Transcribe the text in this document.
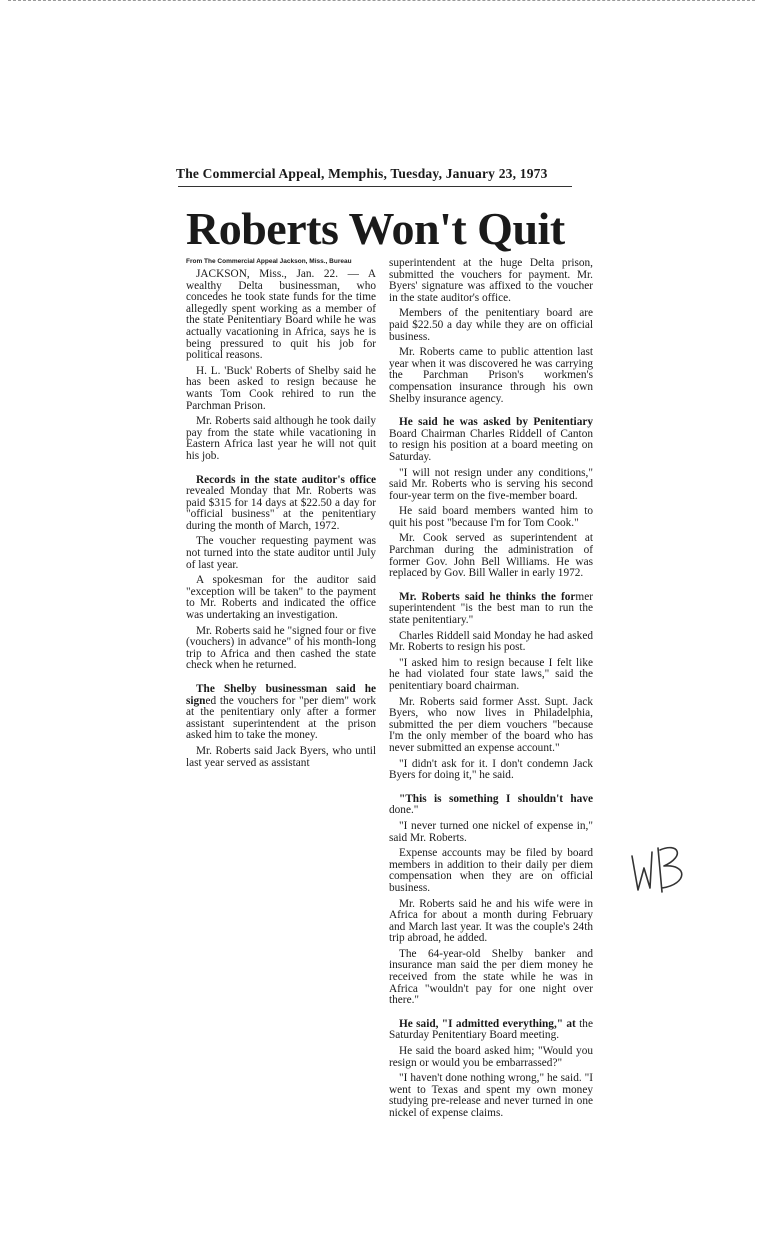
The Commercial Appeal, Memphis, Tuesday, January 23, 1973
Roberts Won't Quit
From The Commercial Appeal Jackson, Miss., Bureau

JACKSON, Miss., Jan. 22. — A wealthy Delta businessman, who concedes he took state funds for the time allegedly spent working as a member of the state Penitentiary Board while he was actually vacationing in Africa, says he is being pressured to quit his job for political reasons.

H. L. 'Buck' Roberts of Shelby said he has been asked to resign because he wants Tom Cook rehired to run the Parchman Prison.

Mr. Roberts said although he took daily pay from the state while vacationing in Eastern Africa last year he will not quit his job.

Records in the state auditor's office revealed Monday that Mr. Roberts was paid $315 for 14 days at $22.50 a day for "official business" at the penitentiary during the month of March, 1972.

The voucher requesting payment was not turned into the state auditor until July of last year.

A spokesman for the auditor said "exception will be taken" to the payment to Mr. Roberts and indicated the office was undertaking an investigation.

Mr. Roberts said he "signed four or five (vouchers) in advance" of his month-long trip to Africa and then cashed the state check when he returned.

The Shelby businessman said he signed the vouchers for "per diem" work at the penitentiary only after a former assistant superintendent at the prison asked him to take the money.

Mr. Roberts said Jack Byers, who until last year served as assistant

superintendent at the huge Delta prison, submitted the vouchers for payment. Mr. Byers' signature was affixed to the voucher in the state auditor's office.

Members of the penitentiary board are paid $22.50 a day while they are on official business.

Mr. Roberts came to public attention last year when it was discovered he was carrying the Parchman Prison's workmen's compensation insurance through his own Shelby insurance agency.

He said he was asked by Penitentiary Board Chairman Charles Riddell of Canton to resign his position at a board meeting on Saturday.

"I will not resign under any conditions," said Mr. Roberts who is serving his second four-year term on the five-member board.

He said board members wanted him to quit his post "because I'm for Tom Cook."

Mr. Cook served as superintendent at Parchman during the administration of former Gov. John Bell Williams. He was replaced by Gov. Bill Waller in early 1972.

Mr. Roberts said he thinks the former superintendent "is the best man to run the state penitentiary."

Charles Riddell said Monday he had asked Mr. Roberts to resign his post.

"I asked him to resign because I felt like he had violated four state laws," said the penitentiary board chairman.

Mr. Roberts said former Asst. Supt. Jack Byers, who now lives in Philadelphia, submitted the per diem vouchers "because I'm the only member of the board who has never submitted an expense account."

"I didn't ask for it. I don't condemn Jack Byers for doing it," he said.

"This is something I shouldn't have done."

"I never turned one nickel of expense in," said Mr. Roberts.

Expense accounts may be filed by board members in addition to their daily per diem compensation when they are on official business.

Mr. Roberts said he and his wife were in Africa for about a month during February and March last year. It was the couple's 24th trip abroad, he added.

The 64-year-old Shelby banker and insurance man said the per diem money he received from the state while he was in Africa "wouldn't pay for one night over there."

He said, "I admitted everything," at the Saturday Penitentiary Board meeting.

He said the board asked him; "Would you resign or would you be embarrassed?"

"I haven't done nothing wrong," he said. "I went to Texas and spent my own money studying pre-release and never turned in one nickel of expense claims.
